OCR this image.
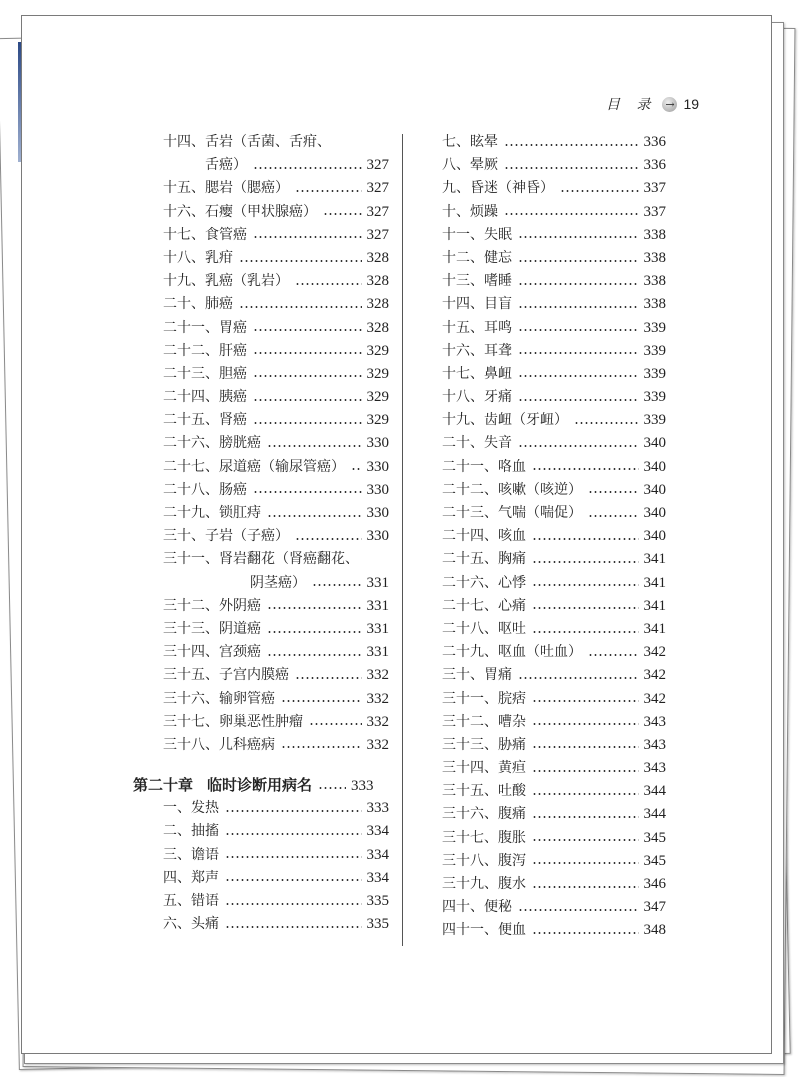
目 录 → 19
十四、舌岩（舌菌、舌疳、
舌癌）	327
十五、腮岩（腮癌）	327
十六、石瘿（甲状腺癌）	327
十七、食管癌	327
十八、乳疳	328
十九、乳癌（乳岩）	328
二十、肺癌	328
二十一、胃癌	328
二十二、肝癌	329
二十三、胆癌	329
二十四、胰癌	329
二十五、肾癌	329
二十六、膀胱癌	330
二十七、尿道癌（输尿管癌） 330
二十八、肠癌	330
二十九、锁肛痔	330
三十、子岩（子癌）	330
三十一、肾岩翻花（肾癌翻花、
阴茎癌）	331
三十二、外阴癌	331
三十三、阴道癌	331
三十四、宫颈癌	331
三十五、子宫内膜癌	332
三十六、输卵管癌	332
三十七、卵巢恶性肿瘤	332
三十八、儿科癌病	332
第二十章 临时诊断用病名	333
一、发热	333
二、抽搐	334
三、谵语	334
四、郑声	334
五、错语	335
六、头痛	335
七、眩晕	336
八、晕厥	336
九、昏迷（神昏）	337
十、烦躁	337
十一、失眠	338
十二、健忘	338
十三、嗜睡	338
十四、目盲	338
十五、耳鸣	339
十六、耳聋	339
十七、鼻衄	339
十八、牙痛	339
十九、齿衄（牙衄）	339
二十、失音	340
二十一、咯血	340
二十二、咳嗽（咳逆）	340
二十三、气喘（喘促）	340
二十四、咳血	340
二十五、胸痛	341
二十六、心悸	341
二十七、心痛	341
二十八、呕吐	341
二十九、呕血（吐血）	342
三十、胃痛	342
三十一、脘痞	342
三十二、嘈杂	343
三十三、胁痛	343
三十四、黄疸	343
三十五、吐酸	344
三十六、腹痛	344
三十七、腹胀	345
三十八、腹泻	345
三十九、腹水	346
四十、便秘	347
四十一、便血	348
